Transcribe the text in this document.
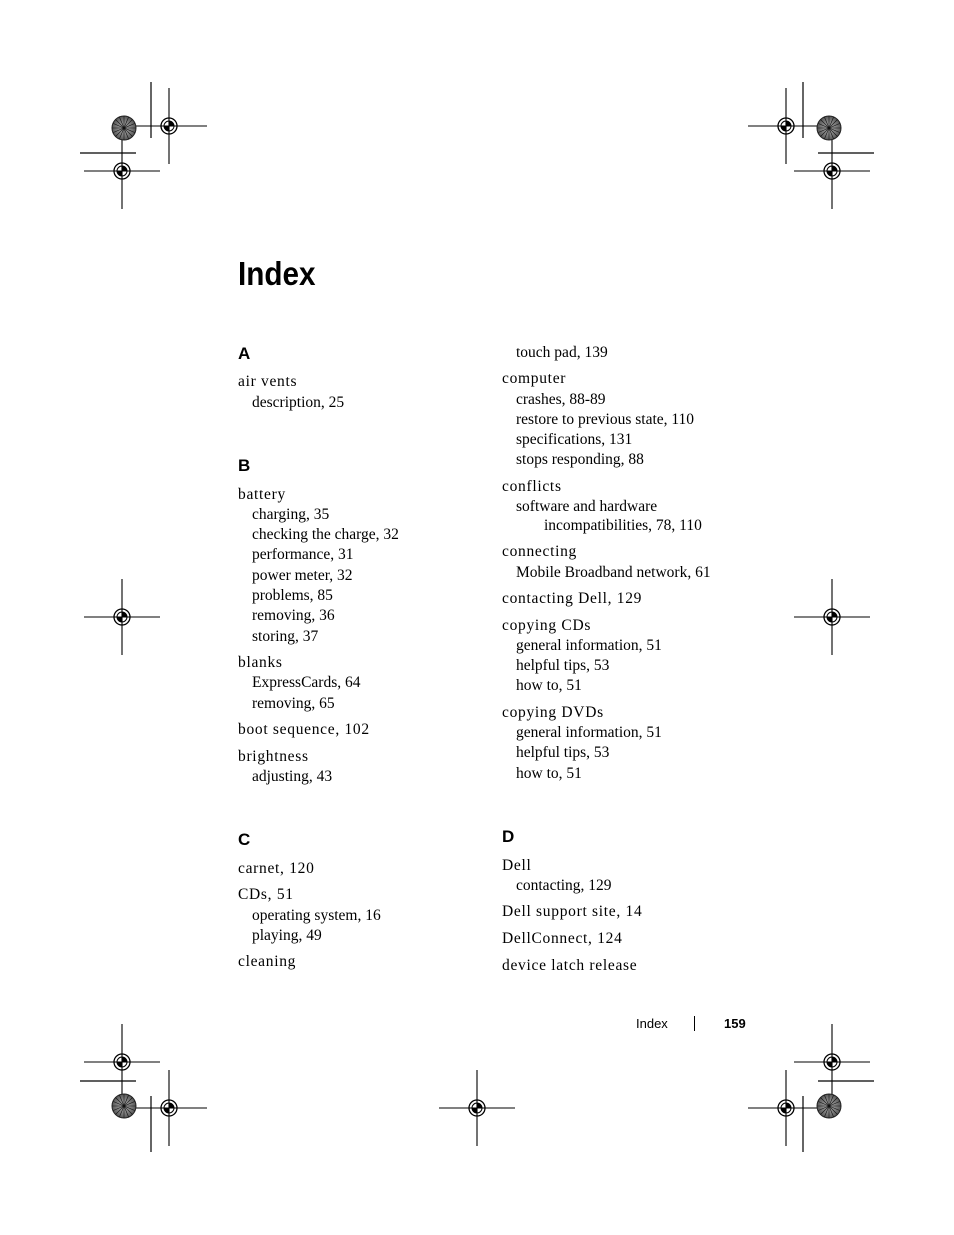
Index
A
air vents
description, 25
B
battery
charging, 35
checking the charge, 32
performance, 31
power meter, 32
problems, 85
removing, 36
storing, 37
blanks
ExpressCards, 64
removing, 65
boot sequence, 102
brightness
adjusting, 43
C
carnet, 120
CDs, 51
operating system, 16
playing, 49
cleaning
touch pad, 139
computer
crashes, 88-89
restore to previous state, 110
specifications, 131
stops responding, 88
conflicts
software and hardware
incompatibilities, 78, 110
connecting
Mobile Broadband network, 61
contacting Dell, 129
copying CDs
general information, 51
helpful tips, 53
how to, 51
copying DVDs
general information, 51
helpful tips, 53
how to, 51
D
Dell
contacting, 129
Dell support site, 14
DellConnect, 124
device latch release
Index	159
